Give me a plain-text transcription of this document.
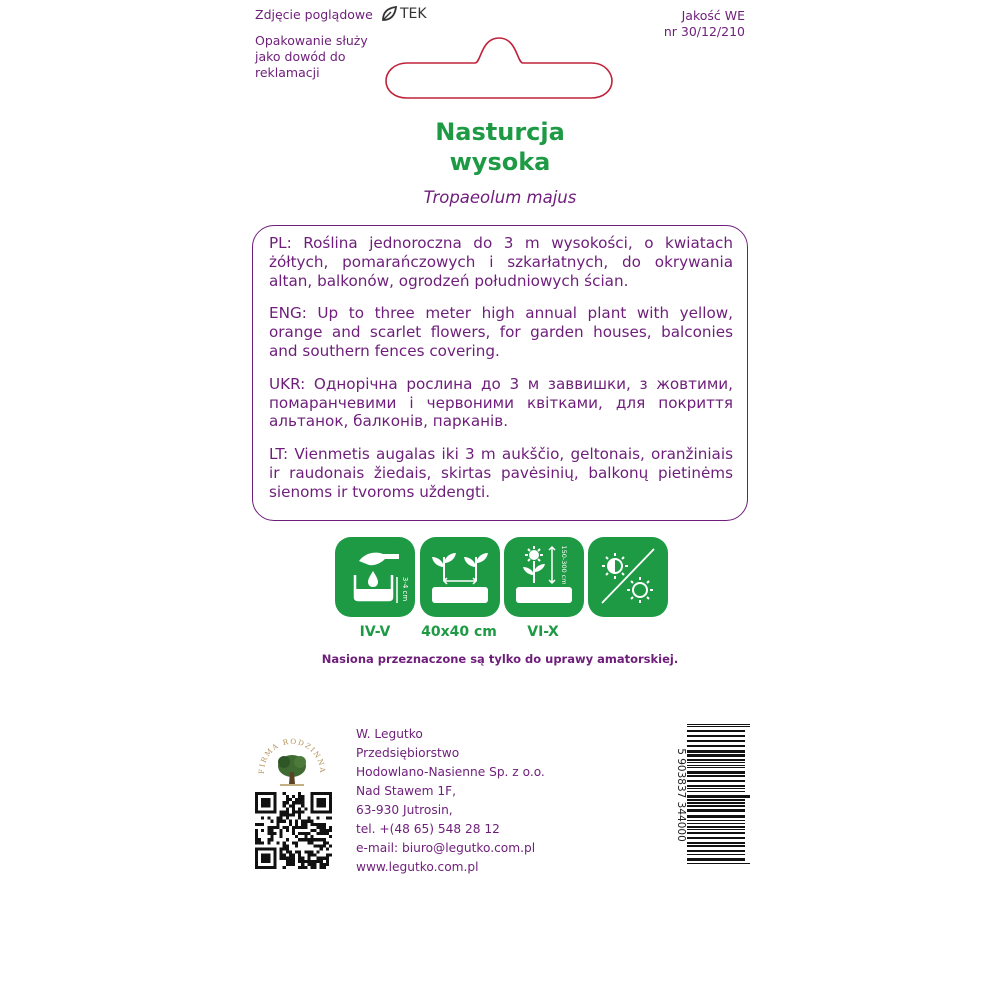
Zdjęcie poglądowe TEK
Opakowanie służy jako dowód do reklamacji
Jakość WE
nr 30/12/210
Nasturcja
wysoka
Tropaeolum majus

PL: Roślina jednoroczna do 3 m wysokości, o kwiatach żółtych, pomarańczowych i szkarłatnych, do okrywania altan, balkonów, ogrodzeń południowych ścian.

ENG: Up to three meter high annual plant with yellow, orange and scarlet flowers, for garden houses, balconies and southern fences covering.

UKR: Однорічна рослина до 3 м заввишки, з жовтими, помаранчевими і червоними квітками, для покриття альтанок, балконів, парканів.

LT: Vienmetis augalas iki 3 m aukščio, geltonais, oranžiniais ir raudonais žiedais, skirtas pavėsinių, balkonų pietinėms sienoms ir tvoroms uždengti.

3-4 cm
150-300 cm
IV-V	40x40 cm	VI-X
Nasiona przeznaczone są tylko do uprawy amatorskiej.
FIRMA RODZINNA
W. Legutko
Przedsiębiorstwo
Hodowlano-Nasienne Sp. z o.o.
Nad Stawem 1F,
63-930 Jutrosin,
tel. +(48 65) 548 28 12
e-mail: biuro@legutko.com.pl
www.legutko.com.pl
5 903837 344000
